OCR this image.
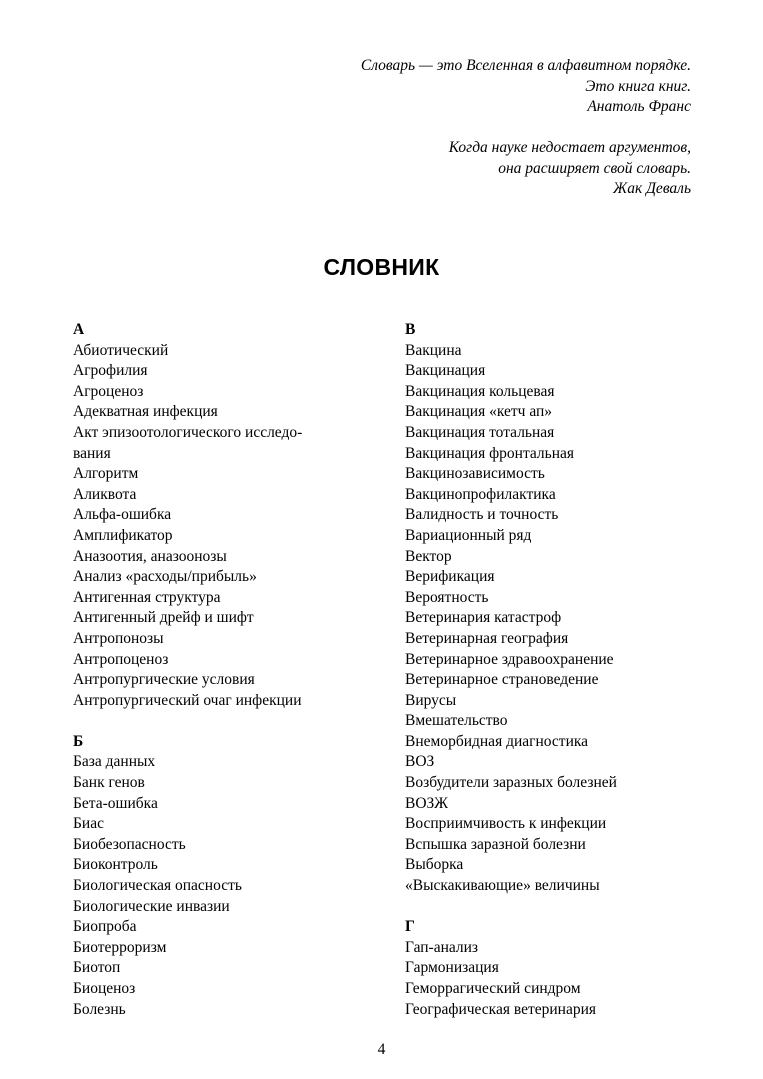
Словарь — это Вселенная в алфавитном порядке.
Это книга книг.
Анатоль Франс
Когда науке недостает аргументов,
она расширяет свой словарь.
Жак Деваль
СЛОВНИК
А
Абиотический
Агрофилия
Агроценоз
Адекватная инфекция
Акт эпизоотологического исследо-
вания
Алгоритм
Аликвота
Альфа-ошибка
Амплификатор
Аназоотия, аназоонозы
Анализ «расходы/прибыль»
Антигенная структура
Антигенный дрейф и шифт
Антропонозы
Антропоценоз
Антропургические условия
Антропургический очаг инфекции
Б
База данных
Банк генов
Бета-ошибка
Биас
Биобезопасность
Биоконтроль
Биологическая опасность
Биологические инвазии
Биопроба
Биотерроризм
Биотоп
Биоценоз
Болезнь
В
Вакцина
Вакцинация
Вакцинация кольцевая
Вакцинация «кетч ап»
Вакцинация тотальная
Вакцинация фронтальная
Вакцинозависимость
Вакцинопрофилактика
Валидность и точность
Вариационный ряд
Вектор
Верификация
Вероятность
Ветеринария катастроф
Ветеринарная география
Ветеринарное здравоохранение
Ветеринарное страноведение
Вирусы
Вмешательство
Внеморбидная диагностика
ВОЗ
Возбудители заразных болезней
ВОЗЖ
Восприимчивость к инфекции
Вспышка заразной болезни
Выборка
«Выскакивающие» величины
Г
Гап-анализ
Гармонизация
Геморрагический синдром
Географическая ветеринария
4
